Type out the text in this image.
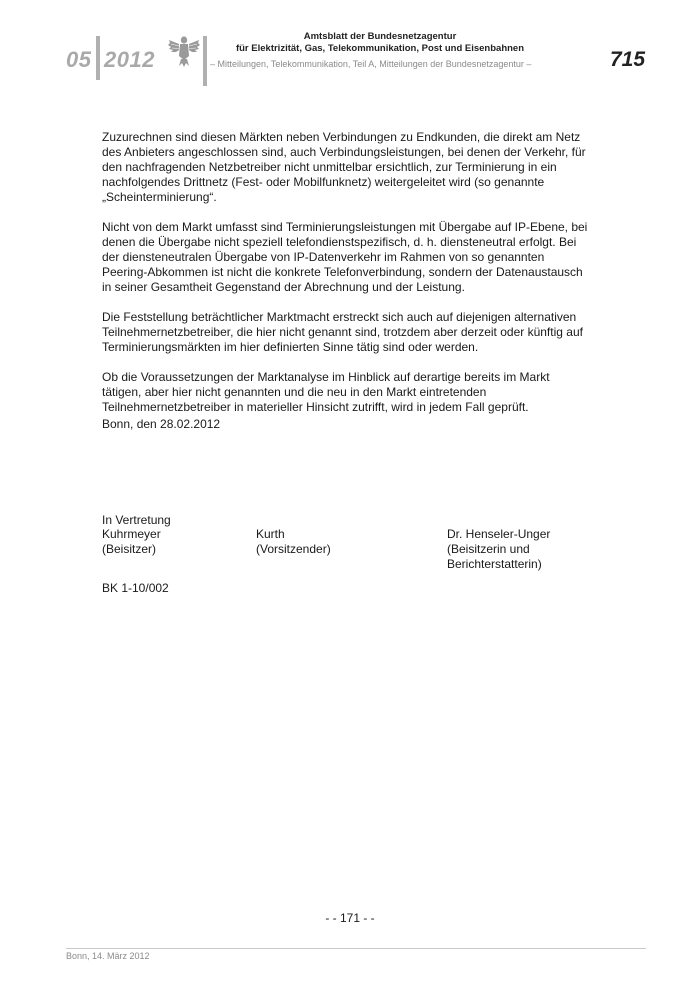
05 2012
Amtsblatt der Bundesnetzagentur
für Elektrizität, Gas, Telekommunikation, Post und Eisenbahnen
– Mitteilungen, Telekommunikation, Teil A, Mitteilungen der Bundesnetzagentur –	715

Zuzurechnen sind diesen Märkten neben Verbindungen zu Endkunden, die direkt am Netz des Anbieters angeschlossen sind, auch Verbindungsleistungen, bei denen der Verkehr, für den nachfragenden Netzbetreiber nicht unmittelbar ersichtlich, zur Terminierung in ein nachfolgendes Drittnetz (Fest- oder Mobilfunknetz) weitergeleitet wird (so genannte „Scheinterminierung“.

Nicht von dem Markt umfasst sind Terminierungsleistungen mit Übergabe auf IP-Ebene, bei denen die Übergabe nicht speziell telefondienstspezifisch, d. h. diensteneutral erfolgt. Bei der diensteneutralen Übergabe von IP-Datenverkehr im Rahmen von so genannten Peering-Abkommen ist nicht die konkrete Telefonverbindung, sondern der Datenaustausch in seiner Gesamtheit Gegenstand der Abrechnung und der Leistung.

Die Feststellung beträchtlicher Marktmacht erstreckt sich auch auf diejenigen alternativen Teilnehmernetzbetreiber, die hier nicht genannt sind, trotzdem aber derzeit oder künftig auf Terminierungsmärkten im hier definierten Sinne tätig sind oder werden.

Ob die Voraussetzungen der Marktanalyse im Hinblick auf derartige bereits im Markt tätigen, aber hier nicht genannten und die neu in den Markt eintretenden Teilnehmernetzbetreiber in materieller Hinsicht zutrifft, wird in jedem Fall geprüft.

Bonn, den 28.02.2012
In Vertretung
Kuhrmeyer
(Beisitzer)
Kurth
(Vorsitzender)
Dr. Henseler-Unger
(Beisitzerin und
Berichterstatterin)
BK 1-10/002
- - 171 - -
Bonn, 14. März 2012
